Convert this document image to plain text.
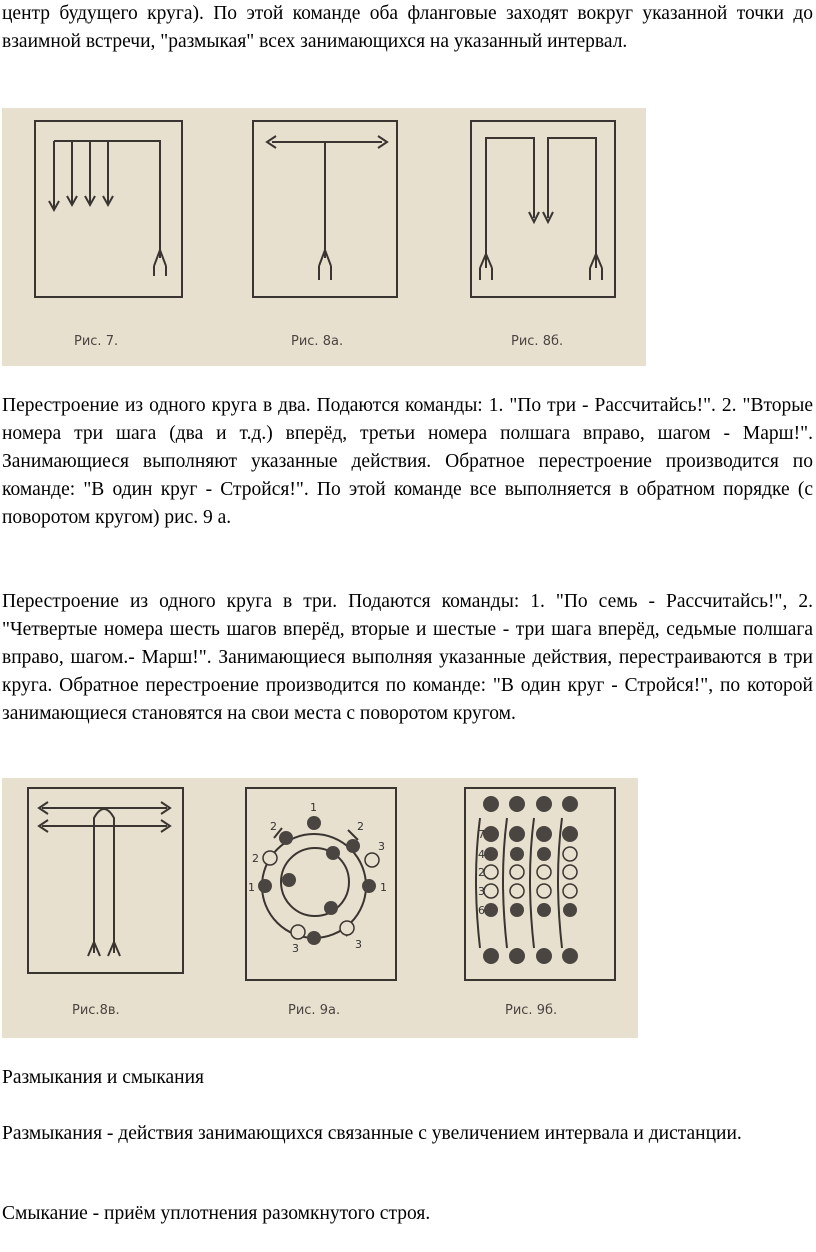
центр будущего круга). По этой команде оба фланговые заходят вокруг указанной точки до взаимной встречи, "размыкая" всех занимающихся на указанный интервал.

Рис. 7.	Рис. 8а.	Рис. 8б.

Перестроение из одного круга в два. Подаются команды: 1. "По три - Рассчитайсь!". 2. "Вторые номера три шага (два и т.д.) вперёд, третьи номера полшага вправо, шагом - Марш!". Занимающиеся выполняют указанные действия. Обратное перестроение производится по команде: "В один круг - Стройся!". По этой команде все выполняется в обратном порядке (с поворотом кругом) рис. 9 а.

Перестроение из одного круга в три. Подаются команды: 1. "По семь - Рассчитайсь!", 2. "Четвертые номера шесть шагов вперёд, вторые и шестые - три шага вперёд, седьмые полшага вправо, шагом.- Марш!". Занимающиеся выполняя указанные действия, перестраиваются в три круга. Обратное перестроение производится по команде: "В один круг - Стройся!", по которой занимающиеся становятся на свои места с поворотом кругом.

1
2
3
1
2
3
1
2
3
4
2
3
6
7
Рис.8в.	Рис. 9а.	Рис. 9б.

Размыкания и смыкания

Размыкания - действия занимающихся связанные с увеличением интервала и дистанции.

Смыкание - приём уплотнения разомкнутого строя.
